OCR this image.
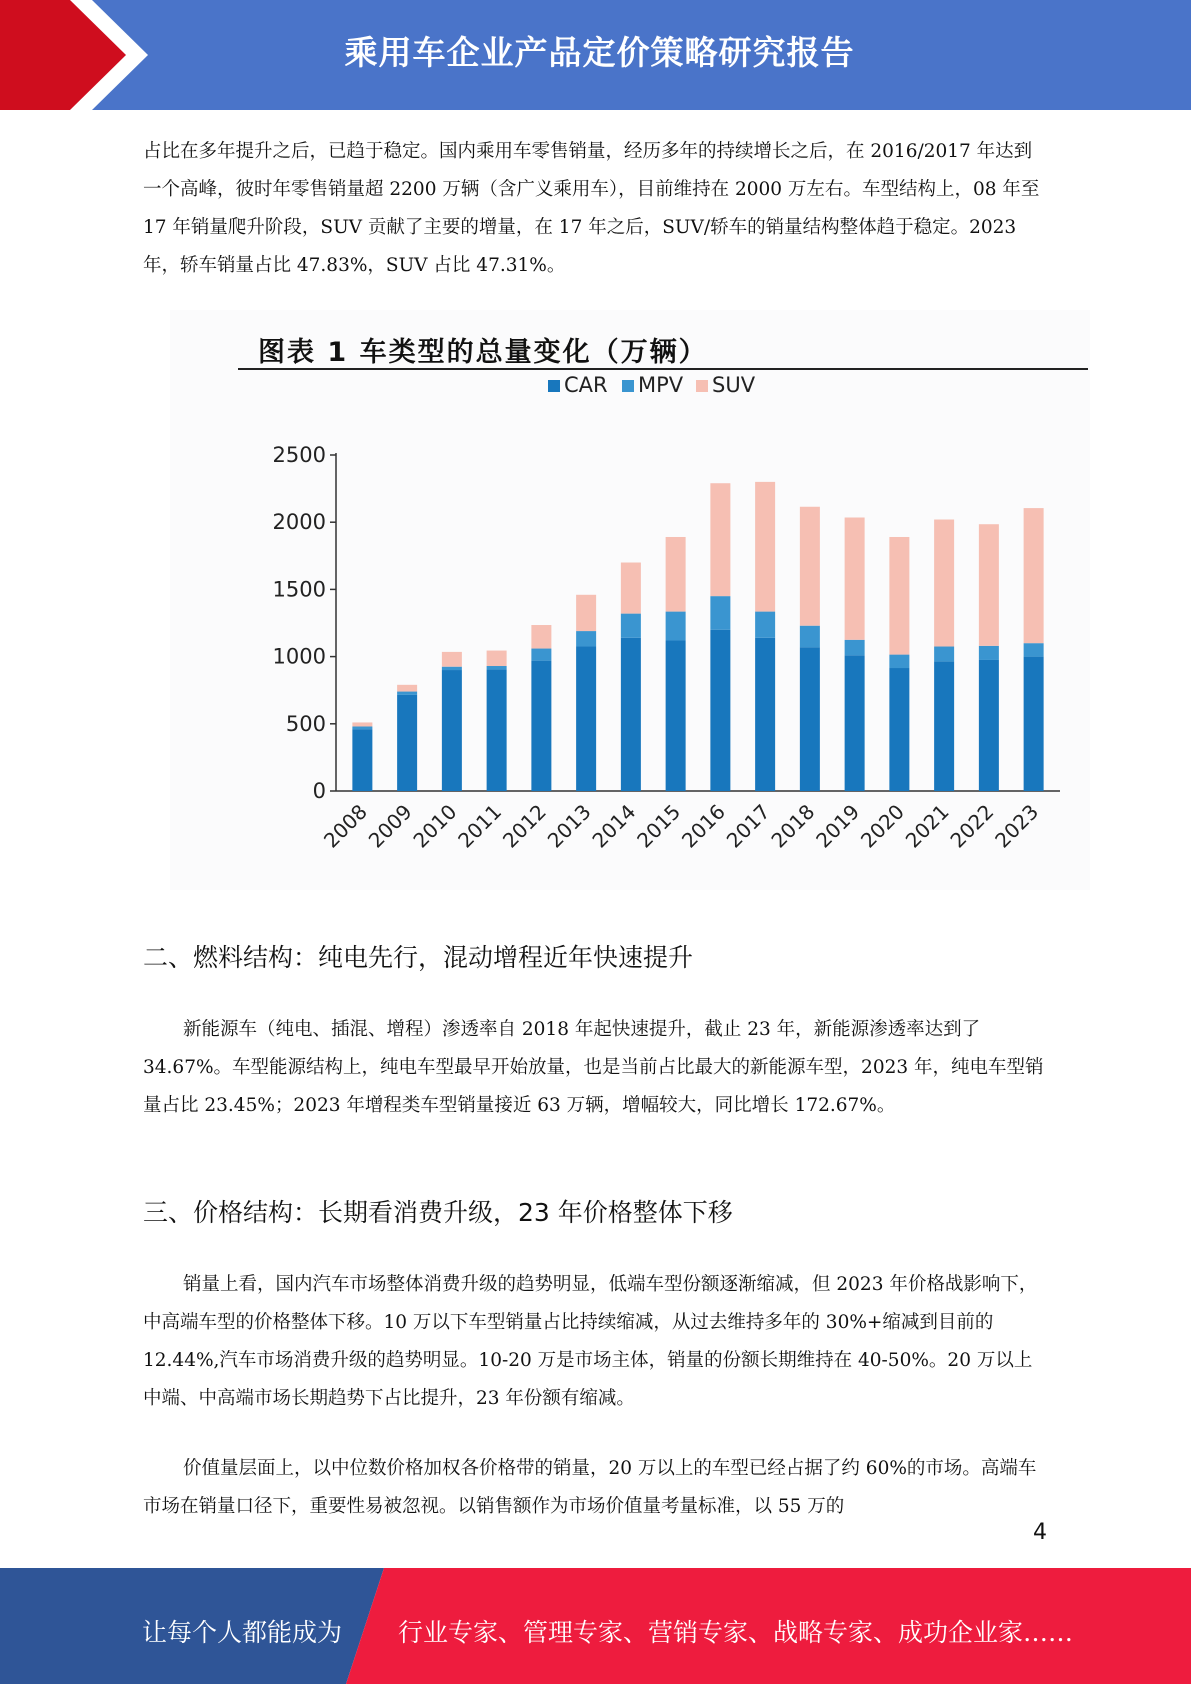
乘用车企业产品定价策略研究报告

占比在多年提升之后，已趋于稳定。国内乘用车零售销量，经历多年的持续增长之后，在 2016/2017 年达到一个高峰，彼时年零售销量超 2200 万辆（含广义乘用车），目前维持在 2000 万左右。车型结构上，08 年至 17 年销量爬升阶段，SUV 贡献了主要的增量，在 17 年之后，SUV/轿车的销量结构整体趋于稳定。2023 年，轿车销量占比 47.83%，SUV 占比 47.31%。

图表 1 车类型的总量变化（万辆）
0
500
1000
1500
2000
2500
2008
2009
2010
2011
2012
2013
2014
2015
2016
2017
2018
2019
2020
2021
2022
2023
CAR MPV SUV
二、燃料结构：纯电先行，混动增程近年快速提升

新能源车（纯电、插混、增程）渗透率自 2018 年起快速提升，截止 23 年，新能源渗透率达到了 34.67%。车型能源结构上，纯电车型最早开始放量，也是当前占比最大的新能源车型，2023 年，纯电车型销量占比 23.45%；2023 年增程类车型销量接近 63 万辆，增幅较大，同比增长 172.67%。

三、价格结构：长期看消费升级，23 年价格整体下移

销量上看，国内汽车市场整体消费升级的趋势明显，低端车型份额逐渐缩减，但 2023 年价格战影响下，中高端车型的价格整体下移。10 万以下车型销量占比持续缩减，从过去维持多年的 30%+缩减到目前的 12.44%,汽车市场消费升级的趋势明显。10-20 万是市场主体，销量的份额长期维持在 40-50%。20 万以上中端、中高端市场长期趋势下占比提升，23 年份额有缩减。

价值量层面上，以中位数价格加权各价格带的销量，20 万以上的车型已经占据了约 60%的市场。高端车市场在销量口径下，重要性易被忽视。以销售额作为市场价值量考量标准，以 55 万的

4
让每个人都能成为 行业专家、管理专家、营销专家、战略专家、成功企业家……
